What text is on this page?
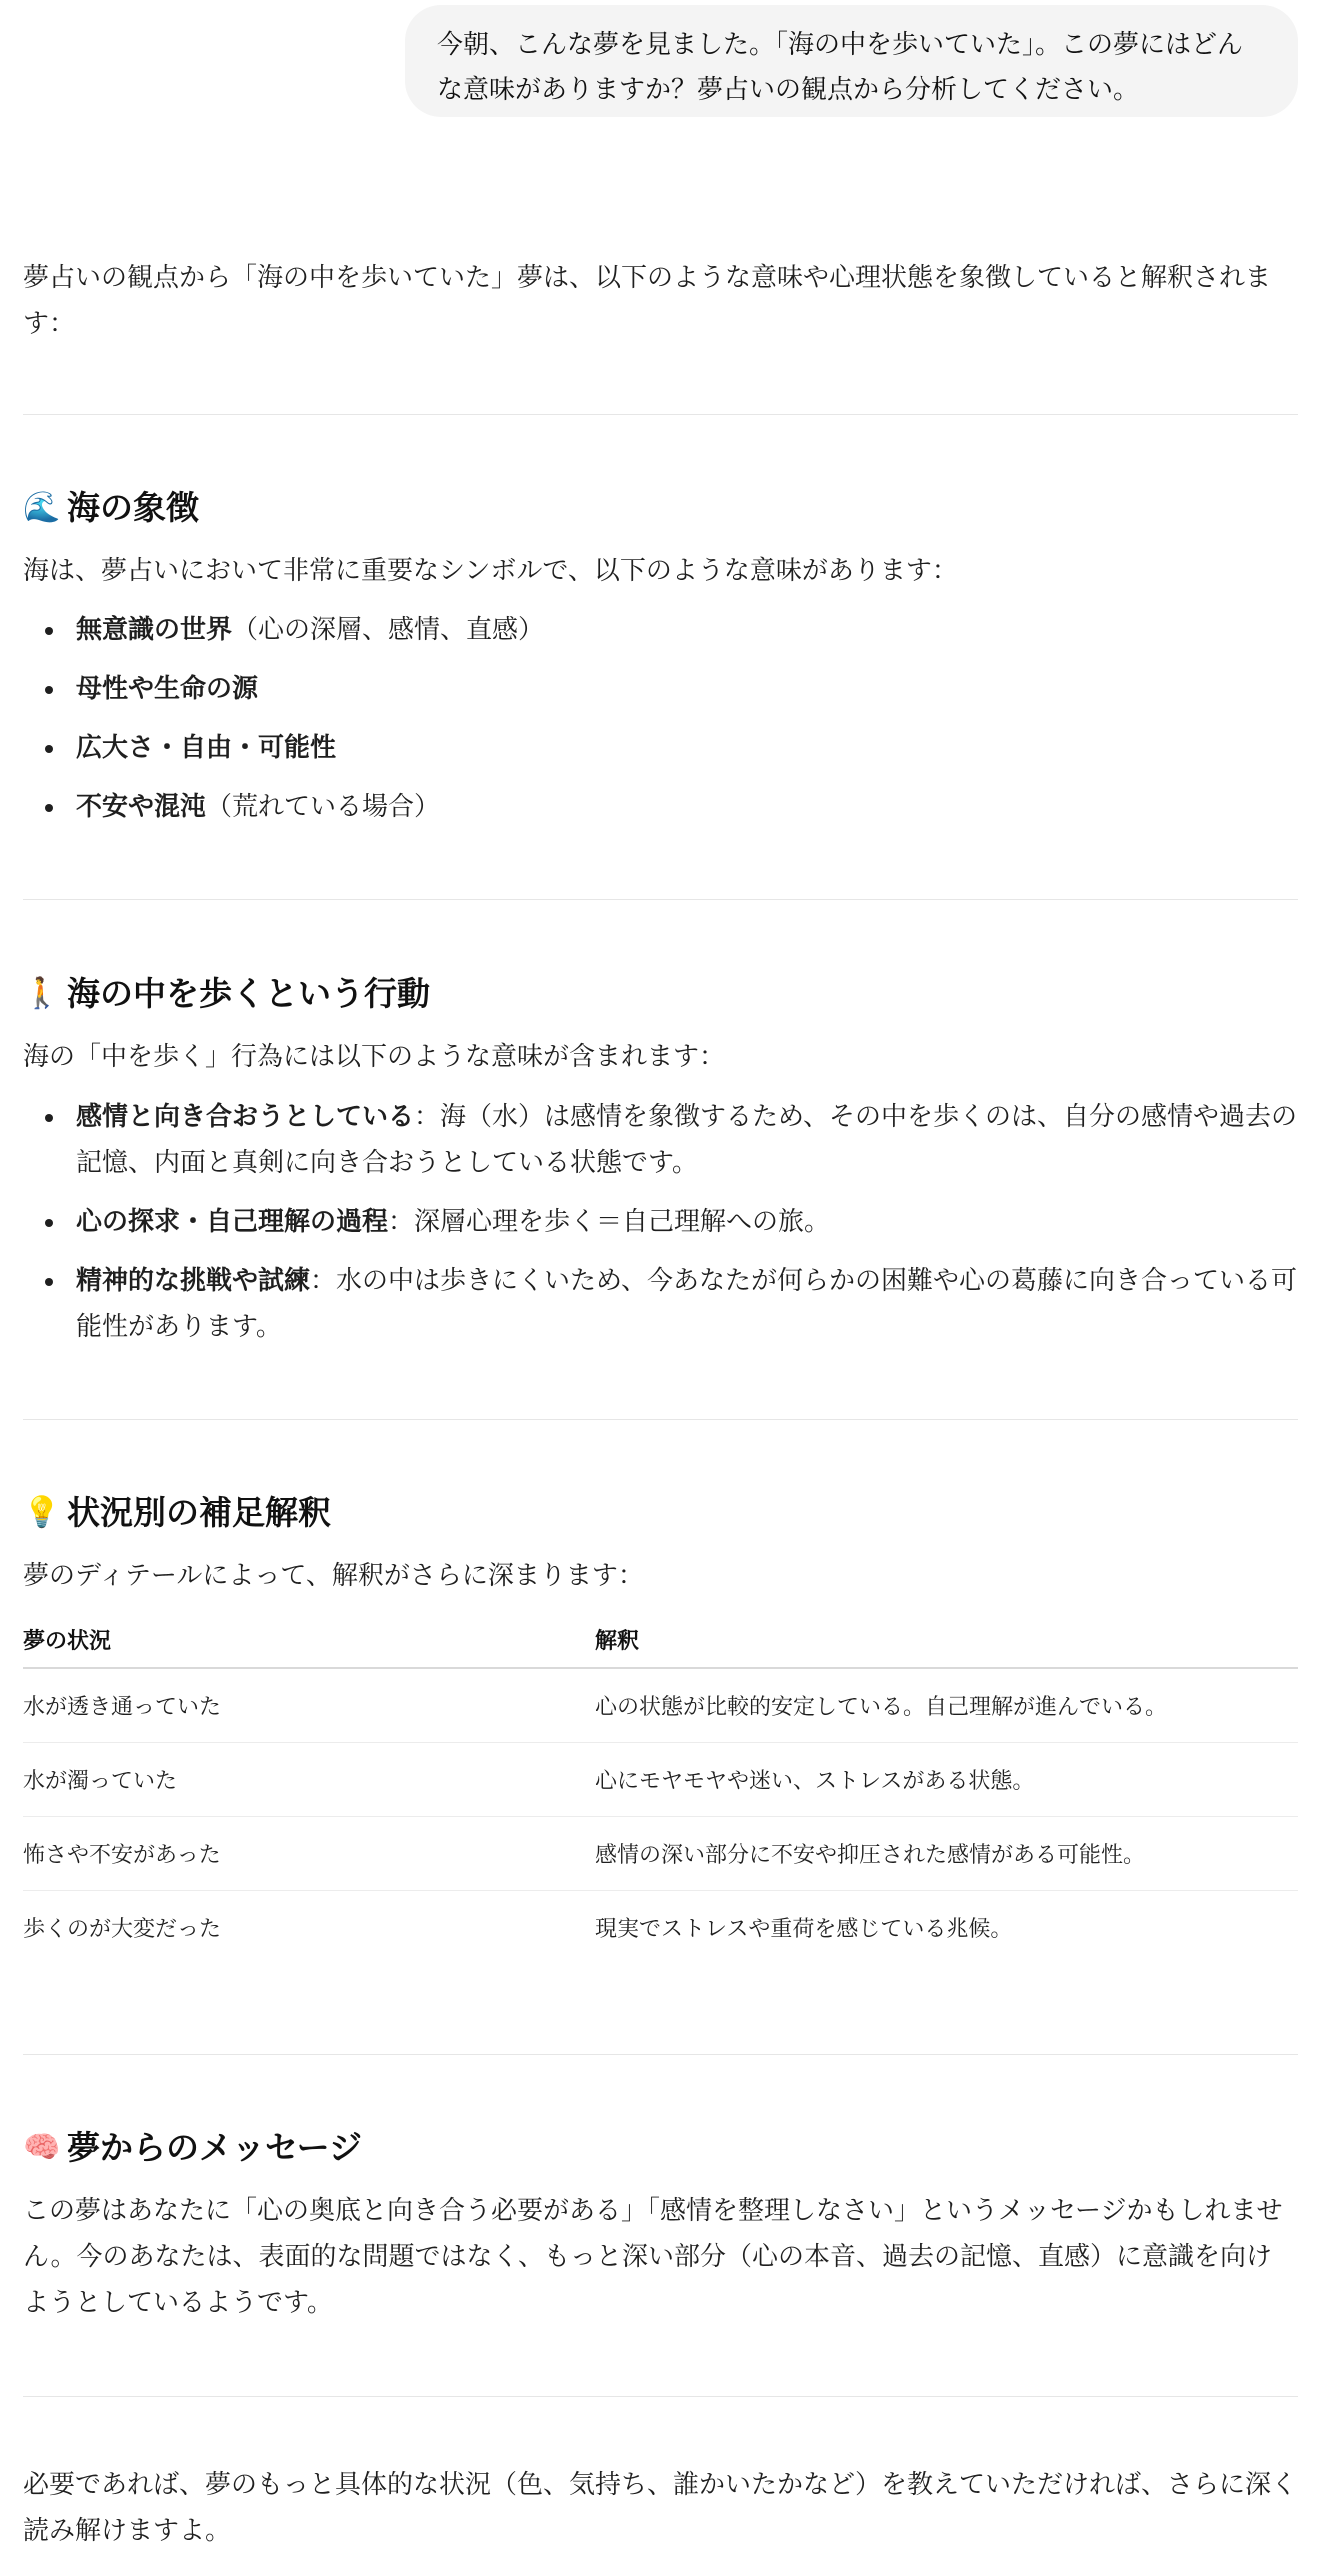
今朝、こんな夢を見ました。「海の中を歩いていた」。この夢にはどんな意味がありますか？夢占いの観点から分析してください。

夢占いの観点から「海の中を歩いていた」夢は、以下のような意味や心理状態を象徴していると解釈されます：

🌊 海の象徴
海は、夢占いにおいて非常に重要なシンボルで、以下のような意味があります：
無意識の世界（心の深層、感情、直感）
母性や生命の源
広大さ・自由・可能性
不安や混沌（荒れている場合）
🚶 海の中を歩くという行動
海の「中を歩く」行為には以下のような意味が含まれます：
感情と向き合おうとしている：海（水）は感情を象徴するため、その中を歩くのは、自分の感情や過去の記憶、内面と真剣に向き合おうとしている状態です。
心の探求・自己理解の過程：深層心理を歩く＝自己理解への旅。
精神的な挑戦や試練：水の中は歩きにくいため、今あなたが何らかの困難や心の葛藤に向き合っている可能性があります。
💡 状況別の補足解釈
夢のディテールによって、解釈がさらに深まります：
夢の状況	解釈
水が透き通っていた	心の状態が比較的安定している。自己理解が進んでいる。
水が濁っていた	心にモヤモヤや迷い、ストレスがある状態。
怖さや不安があった	感情の深い部分に不安や抑圧された感情がある可能性。
歩くのが大変だった	現実でストレスや重荷を感じている兆候。
🧠 夢からのメッセージ
この夢はあなたに「心の奥底と向き合う必要がある」「感情を整理しなさい」というメッセージかもしれません。今のあなたは、表面的な問題ではなく、もっと深い部分（心の本音、過去の記憶、直感）に意識を向けようとしているようです。
必要であれば、夢のもっと具体的な状況（色、気持ち、誰かいたかなど）を教えていただければ、さらに深く読み解けますよ。
